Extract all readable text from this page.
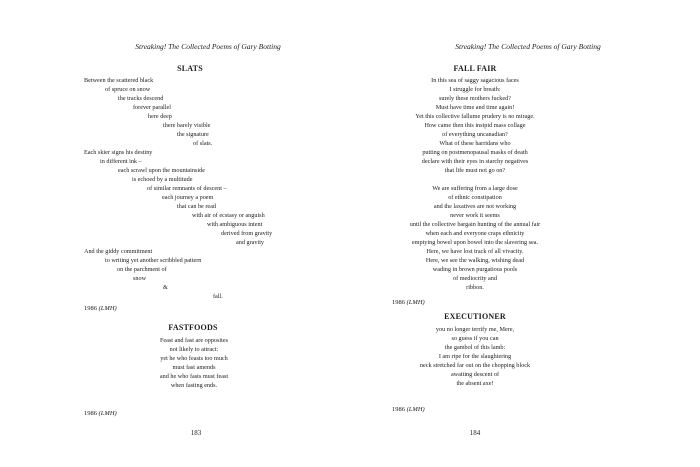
Streaking! The Collected Poems of Gary Botting
SLATS
Between the scattered black
of spruce on snow
the tracks descend
forever parallel
here deep
there barely visible
the signature
of slats.
Each skier signs his destiny
in different ink –
each scrawl upon the mountainside
is echoed by a multitude
of similar remnants of descent –
each journey a poem
that can be read
with air of ecstasy or anguish
with ambiguous intent
derived from gravity
and gravity
And the giddy commitment
to writing yet another scribbled pattern
on the parchment of
snow
&
fall.
1986 (LMH)
FASTFOODS
Feast and fast are opposites
not likely to attract:
yet he who feasts too much
must fast amends
and he who fasts must feast
when fasting ends.
1986 (LMH)
183
Streaking! The Collected Poems of Gary Botting
FALL FAIR
In this sea of saggy sagacious faces
I struggle for breath:
surely these mothers fucked?
Must have time and time again!
Yet this collective fallume prudery is no mirage.
How came then this insipid mass collage
of everything uncanadian?
What of these harridans who
putting on postmenopausal masks of death
declare with their eyes in starchy negatives
that life must not go on?
We are suffering from a large dose
of ethnic constipation
and the laxatives are not working
never work it seems
until the collective bargain hunting of the annual fair
when each and everyone craps ethnicity
emptying bowel upon bowel into the slavering sea.
Here, we have lost track of all vivacity.
Here, we see the walking, wishing dead
wading in brown purgatious pools
of mediocrity and
ribbon.
1986 (LMH)
EXECUTIONER
you no longer terrify me, Mere,
so guess if you can
the gambol of this lamb:
I am ripe for the slaughtering
neck stretched far out on the chopping block
awaiting descent of
the absent axe!
1986 (LMH)
184
